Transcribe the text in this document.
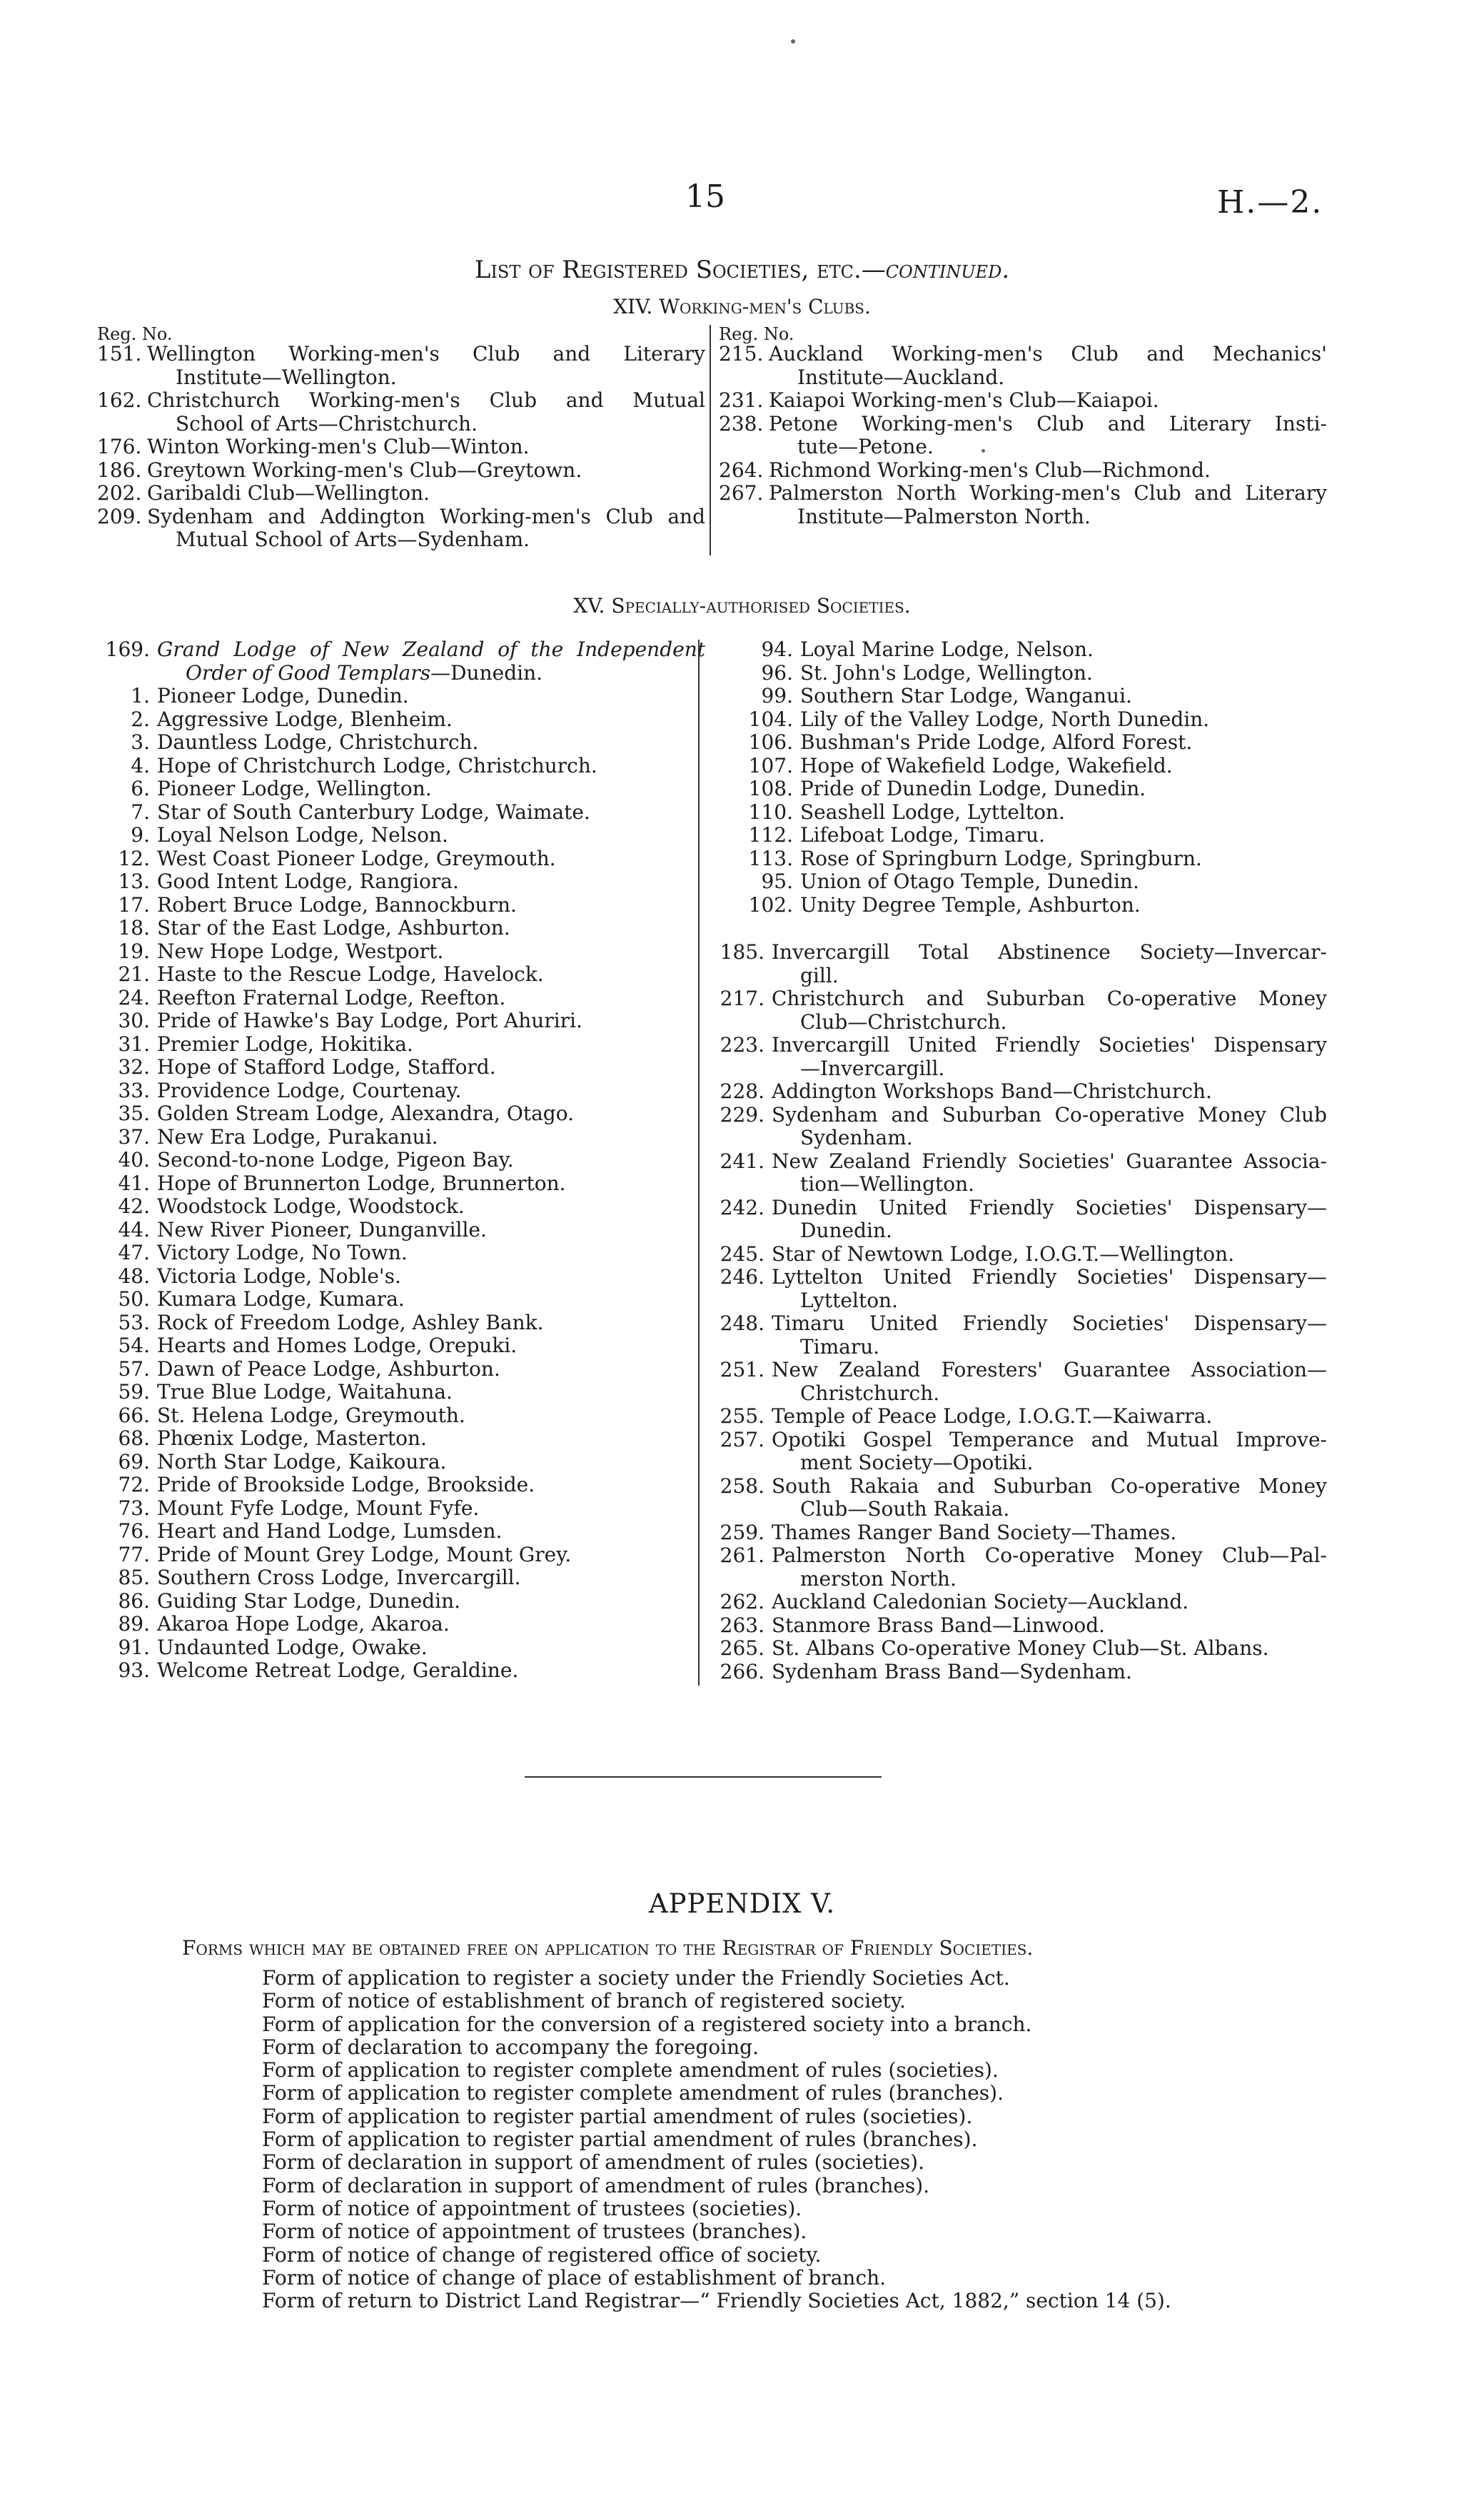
15	H.—2.
List of Registered Societies, etc.—continued.
XIV. Working-men's Clubs.
Reg. No.	Reg. No.
151. Wellington Working-men's Club and Literary
Institute—Wellington.
162. Christchurch Working-men's Club and Mutual
School of Arts—Christchurch.
176. Winton Working-men's Club—Winton.
186. Greytown Working-men's Club—Greytown.
202. Garibaldi Club—Wellington.
209. Sydenham and Addington Working-men's Club and
Mutual School of Arts—Sydenham.
215. Auckland Working-men's Club and Mechanics'
Institute—Auckland.
231. Kaiapoi Working-men's Club—Kaiapoi.
238. Petone Working-men's Club and Literary Insti-
tute—Petone.
264. Richmond Working-men's Club—Richmond.
267. Palmerston North Working-men's Club and Literary
Institute—Palmerston North.
XV. Specially-authorised Societies.
169. Grand Lodge of New Zealand of the Independent
Order of Good Templars—Dunedin.
1. Pioneer Lodge, Dunedin.
2. Aggressive Lodge, Blenheim.
3. Dauntless Lodge, Christchurch.
4. Hope of Christchurch Lodge, Christchurch.
6. Pioneer Lodge, Wellington.
7. Star of South Canterbury Lodge, Waimate.
9. Loyal Nelson Lodge, Nelson.
12. West Coast Pioneer Lodge, Greymouth.
13. Good Intent Lodge, Rangiora.
17. Robert Bruce Lodge, Bannockburn.
18. Star of the East Lodge, Ashburton.
19. New Hope Lodge, Westport.
21. Haste to the Rescue Lodge, Havelock.
24. Reefton Fraternal Lodge, Reefton.
30. Pride of Hawke's Bay Lodge, Port Ahuriri.
31. Premier Lodge, Hokitika.
32. Hope of Stafford Lodge, Stafford.
33. Providence Lodge, Courtenay.
35. Golden Stream Lodge, Alexandra, Otago.
37. New Era Lodge, Purakanui.
40. Second-to-none Lodge, Pigeon Bay.
41. Hope of Brunnerton Lodge, Brunnerton.
42. Woodstock Lodge, Woodstock.
44. New River Pioneer, Dunganville.
47. Victory Lodge, No Town.
48. Victoria Lodge, Noble's.
50. Kumara Lodge, Kumara.
53. Rock of Freedom Lodge, Ashley Bank.
54. Hearts and Homes Lodge, Orepuki.
57. Dawn of Peace Lodge, Ashburton.
59. True Blue Lodge, Waitahuna.
66. St. Helena Lodge, Greymouth.
68. Phœnix Lodge, Masterton.
69. North Star Lodge, Kaikoura.
72. Pride of Brookside Lodge, Brookside.
73. Mount Fyfe Lodge, Mount Fyfe.
76. Heart and Hand Lodge, Lumsden.
77. Pride of Mount Grey Lodge, Mount Grey.
85. Southern Cross Lodge, Invercargill.
86. Guiding Star Lodge, Dunedin.
89. Akaroa Hope Lodge, Akaroa.
91. Undaunted Lodge, Owake.
93. Welcome Retreat Lodge, Geraldine.
94. Loyal Marine Lodge, Nelson.
96. St. John's Lodge, Wellington.
99. Southern Star Lodge, Wanganui.
104. Lily of the Valley Lodge, North Dunedin.
106. Bushman's Pride Lodge, Alford Forest.
107. Hope of Wakefield Lodge, Wakefield.
108. Pride of Dunedin Lodge, Dunedin.
110. Seashell Lodge, Lyttelton.
112. Lifeboat Lodge, Timaru.
113. Rose of Springburn Lodge, Springburn.
95. Union of Otago Temple, Dunedin.
102. Unity Degree Temple, Ashburton.
185. Invercargill Total Abstinence Society—Invercar-
gill.
217. Christchurch and Suburban Co-operative Money
Club—Christchurch.
223. Invercargill United Friendly Societies' Dispensary
—Invercargill.
228. Addington Workshops Band—Christchurch.
229. Sydenham and Suburban Co-operative Money Club
Sydenham.
241. New Zealand Friendly Societies' Guarantee Associa-
tion—Wellington.
242. Dunedin United Friendly Societies' Dispensary—
Dunedin.
245. Star of Newtown Lodge, I.O.G.T.—Wellington.
246. Lyttelton United Friendly Societies' Dispensary—
Lyttelton.
248. Timaru United Friendly Societies' Dispensary—
Timaru.
251. New Zealand Foresters' Guarantee Association—
Christchurch.
255. Temple of Peace Lodge, I.O.G.T.—Kaiwarra.
257. Opotiki Gospel Temperance and Mutual Improve-
ment Society—Opotiki.
258. South Rakaia and Suburban Co-operative Money
Club—South Rakaia.
259. Thames Ranger Band Society—Thames.
261. Palmerston North Co-operative Money Club—Pal-
merston North.
262. Auckland Caledonian Society—Auckland.
263. Stanmore Brass Band—Linwood.
265. St. Albans Co-operative Money Club—St. Albans.
266. Sydenham Brass Band—Sydenham.
APPENDIX V.
Forms which may be obtained free on application to the Registrar of Friendly Societies.
Form of application to register a society under the Friendly Societies Act.
Form of notice of establishment of branch of registered society.
Form of application for the conversion of a registered society into a branch.
Form of declaration to accompany the foregoing.
Form of application to register complete amendment of rules (societies).
Form of application to register complete amendment of rules (branches).
Form of application to register partial amendment of rules (societies).
Form of application to register partial amendment of rules (branches).
Form of declaration in support of amendment of rules (societies).
Form of declaration in support of amendment of rules (branches).
Form of notice of appointment of trustees (societies).
Form of notice of appointment of trustees (branches).
Form of notice of change of registered office of society.
Form of notice of change of place of establishment of branch.
Form of return to District Land Registrar—“ Friendly Societies Act, 1882,” section 14 (5).
